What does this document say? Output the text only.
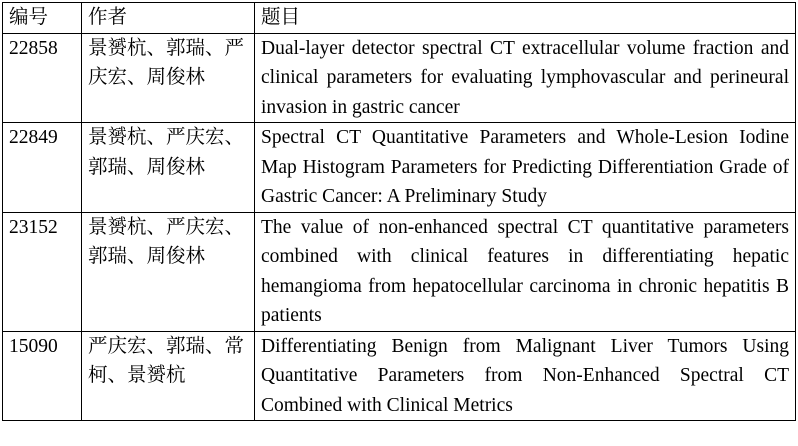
编号	作者	题目
22858	景赟杭、郭瑞、严庆宏、周俊林	Dual-layer detector spectral CT extracellular volume fraction and clinical parameters for evaluating lymphovascular and perineural invasion in gastric cancer
22849	景赟杭、严庆宏、郭瑞、周俊林	Spectral CT Quantitative Parameters and Whole-Lesion Iodine Map Histogram Parameters for Predicting Differentiation Grade of Gastric Cancer: A Preliminary Study
23152	景赟杭、严庆宏、郭瑞、周俊林	The value of non-enhanced spectral CT quantitative parameters combined with clinical features in differentiating hepatic hemangioma from hepatocellular carcinoma in chronic hepatitis B patients
15090	严庆宏、郭瑞、常柯、景赟杭	Differentiating Benign from Malignant Liver Tumors Using Quantitative Parameters from Non-Enhanced Spectral CT Combined with Clinical Metrics
